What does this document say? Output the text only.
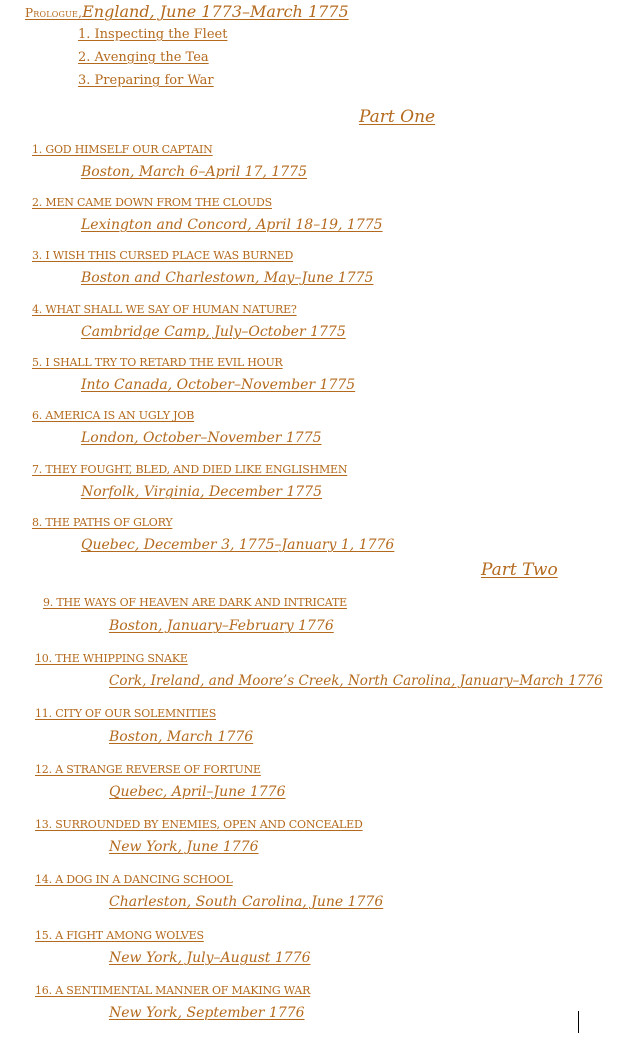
Prologue,England, June 1773–March 1775
1. Inspecting the Fleet
2. Avenging the Tea
3. Preparing for War
Part One
1. GOD HIMSELF OUR CAPTAIN
Boston, March 6–April 17, 1775
2. MEN CAME DOWN FROM THE CLOUDS
Lexington and Concord, April 18–19, 1775
3. I WISH THIS CURSED PLACE WAS BURNED
Boston and Charlestown, May–June 1775
4. WHAT SHALL WE SAY OF HUMAN NATURE?
Cambridge Camp, July–October 1775
5. I SHALL TRY TO RETARD THE EVIL HOUR
Into Canada, October–November 1775
6. AMERICA IS AN UGLY JOB
London, October–November 1775
7. THEY FOUGHT, BLED, AND DIED LIKE ENGLISHMEN
Norfolk, Virginia, December 1775
8. THE PATHS OF GLORY
Quebec, December 3, 1775–January 1, 1776
Part Two
9. THE WAYS OF HEAVEN ARE DARK AND INTRICATE
Boston, January–February 1776
10. THE WHIPPING SNAKE
Cork, Ireland, and Moore’s Creek, North Carolina, January–March 1776
11. CITY OF OUR SOLEMNITIES
Boston, March 1776
12. A STRANGE REVERSE OF FORTUNE
Quebec, April–June 1776
13. SURROUNDED BY ENEMIES, OPEN AND CONCEALED
New York, June 1776
14. A DOG IN A DANCING SCHOOL
Charleston, South Carolina, June 1776
15. A FIGHT AMONG WOLVES
New York, July–August 1776
16. A SENTIMENTAL MANNER OF MAKING WAR
New York, September 1776
